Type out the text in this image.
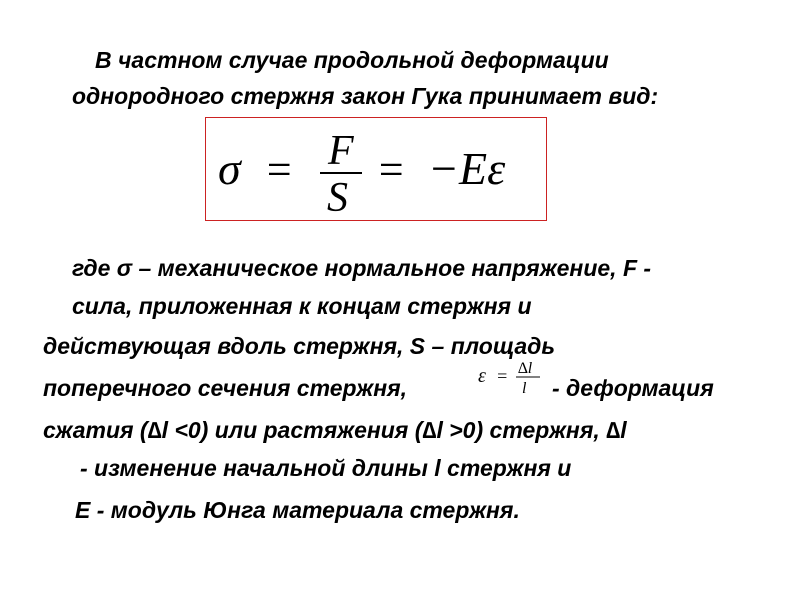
В частном случае продольной деформации
однородного стержня закон Гука принимает вид:
σ = F
S
= −Eε
где σ – механическое нормальное напряжение, F -
сила, приложенная к концам стержня и
действующая вдоль стержня, S – площадь
поперечного сечения стержня,	ε = ∆l
l - деформация
сжатия (∆l <0) или растяжения (∆l >0) стержня, ∆l
- изменение начальной длины l стержня и
E - модуль Юнга материала стержня.
